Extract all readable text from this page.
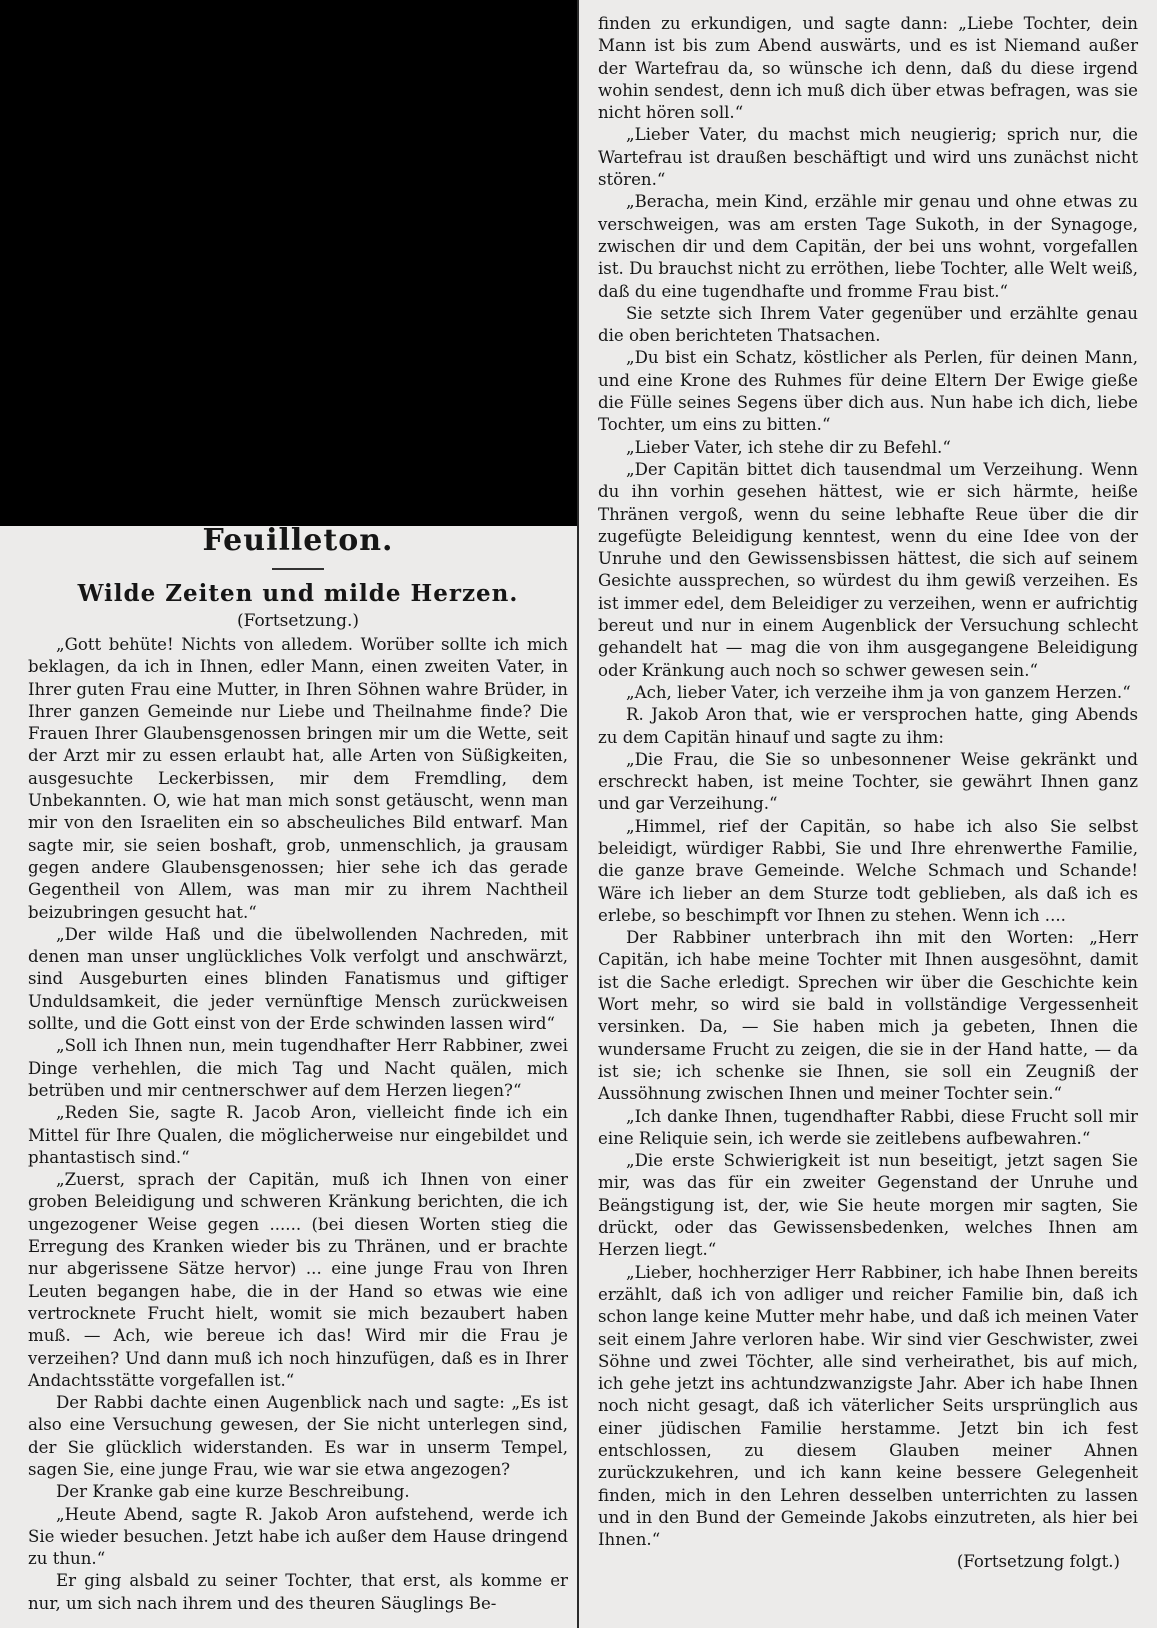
Feuilleton.
Wilde Zeiten und milde Herzen.
(Fortsetzung.)

„Gott behüte! Nichts von alledem. Worüber sollte ich mich beklagen, da ich in Ihnen, edler Mann, einen zweiten Vater, in Ihrer guten Frau eine Mutter, in Ihren Söhnen wahre Brüder, in Ihrer ganzen Gemeinde nur Liebe und Theilnahme finde? Die Frauen Ihrer Glaubensgenossen bringen mir um die Wette, seit der Arzt mir zu essen erlaubt hat, alle Arten von Süßigkeiten, ausgesuchte Leckerbissen, mir dem Fremdling, dem Unbekannten. O, wie hat man mich sonst getäuscht, wenn man mir von den Israeliten ein so abscheuliches Bild entwarf. Man sagte mir, sie seien boshaft, grob, unmenschlich, ja grausam gegen andere Glaubensgenossen; hier sehe ich das gerade Gegentheil von Allem, was man mir zu ihrem Nachtheil beizubringen gesucht hat.“

„Der wilde Haß und die übelwollenden Nachreden, mit denen man unser unglückliches Volk verfolgt und anschwärzt, sind Ausgeburten eines blinden Fanatismus und giftiger Unduldsamkeit, die jeder vernünftige Mensch zurückweisen sollte, und die Gott einst von der Erde schwinden lassen wird“

„Soll ich Ihnen nun, mein tugendhafter Herr Rabbiner, zwei Dinge verhehlen, die mich Tag und Nacht quälen, mich betrüben und mir centnerschwer auf dem Herzen liegen?“

„Reden Sie, sagte R. Jacob Aron, vielleicht finde ich ein Mittel für Ihre Qualen, die möglicherweise nur eingebildet und phantastisch sind.“

„Zuerst, sprach der Capitän, muß ich Ihnen von einer groben Beleidigung und schweren Kränkung berichten, die ich ungezogener Weise gegen ...... (bei diesen Worten stieg die Erregung des Kranken wieder bis zu Thränen, und er brachte nur abgerissene Sätze hervor) ... eine junge Frau von Ihren Leuten begangen habe, die in der Hand so etwas wie eine vertrocknete Frucht hielt, womit sie mich bezaubert haben muß. — Ach, wie bereue ich das! Wird mir die Frau je verzeihen? Und dann muß ich noch hinzufügen, daß es in Ihrer Andachtsstätte vorgefallen ist.“

Der Rabbi dachte einen Augenblick nach und sagte: „Es ist also eine Versuchung gewesen, der Sie nicht unterlegen sind, der Sie glücklich widerstanden. Es war in unserm Tempel, sagen Sie, eine junge Frau, wie war sie etwa angezogen?

Der Kranke gab eine kurze Beschreibung.

„Heute Abend, sagte R. Jakob Aron aufstehend, werde ich Sie wieder besuchen. Jetzt habe ich außer dem Hause dringend zu thun.“

Er ging alsbald zu seiner Tochter, that erst, als komme er nur, um sich nach ihrem und des theuren Säuglings Be-

finden zu erkundigen, und sagte dann: „Liebe Tochter, dein Mann ist bis zum Abend auswärts, und es ist Niemand außer der Wartefrau da, so wünsche ich denn, daß du diese irgend wohin sendest, denn ich muß dich über etwas befragen, was sie nicht hören soll.“

„Lieber Vater, du machst mich neugierig; sprich nur, die Wartefrau ist draußen beschäftigt und wird uns zunächst nicht stören.“

„Beracha, mein Kind, erzähle mir genau und ohne etwas zu verschweigen, was am ersten Tage Sukoth, in der Synagoge, zwischen dir und dem Capitän, der bei uns wohnt, vorgefallen ist. Du brauchst nicht zu erröthen, liebe Tochter, alle Welt weiß, daß du eine tugendhafte und fromme Frau bist.“

Sie setzte sich Ihrem Vater gegenüber und erzählte genau die oben berichteten Thatsachen.

„Du bist ein Schatz, köstlicher als Perlen, für deinen Mann, und eine Krone des Ruhmes für deine Eltern Der Ewige gieße die Fülle seines Segens über dich aus. Nun habe ich dich, liebe Tochter, um eins zu bitten.“

„Lieber Vater, ich stehe dir zu Befehl.“

„Der Capitän bittet dich tausendmal um Verzeihung. Wenn du ihn vorhin gesehen hättest, wie er sich härmte, heiße Thränen vergoß, wenn du seine lebhafte Reue über die dir zugefügte Beleidigung kenntest, wenn du eine Idee von der Unruhe und den Gewissensbissen hättest, die sich auf seinem Gesichte aussprechen, so würdest du ihm gewiß verzeihen. Es ist immer edel, dem Beleidiger zu verzeihen, wenn er aufrichtig bereut und nur in einem Augenblick der Versuchung schlecht gehandelt hat — mag die von ihm ausgegangene Beleidigung oder Kränkung auch noch so schwer gewesen sein.“

„Ach, lieber Vater, ich verzeihe ihm ja von ganzem Herzen.“

R. Jakob Aron that, wie er versprochen hatte, ging Abends zu dem Capitän hinauf und sagte zu ihm:

„Die Frau, die Sie so unbesonnener Weise gekränkt und erschreckt haben, ist meine Tochter, sie gewährt Ihnen ganz und gar Verzeihung.“

„Himmel, rief der Capitän, so habe ich also Sie selbst beleidigt, würdiger Rabbi, Sie und Ihre ehrenwerthe Familie, die ganze brave Gemeinde. Welche Schmach und Schande! Wäre ich lieber an dem Sturze todt geblieben, als daß ich es erlebe, so beschimpft vor Ihnen zu stehen. Wenn ich ....

Der Rabbiner unterbrach ihn mit den Worten: „Herr Capitän, ich habe meine Tochter mit Ihnen ausgesöhnt, damit ist die Sache erledigt. Sprechen wir über die Geschichte kein Wort mehr, so wird sie bald in vollständige Vergessenheit versinken. Da, — Sie haben mich ja gebeten, Ihnen die wundersame Frucht zu zeigen, die sie in der Hand hatte, — da ist sie; ich schenke sie Ihnen, sie soll ein Zeugniß der Aussöhnung zwischen Ihnen und meiner Tochter sein.“

„Ich danke Ihnen, tugendhafter Rabbi, diese Frucht soll mir eine Reliquie sein, ich werde sie zeitlebens aufbewahren.“

„Die erste Schwierigkeit ist nun beseitigt, jetzt sagen Sie mir, was das für ein zweiter Gegenstand der Unruhe und Beängstigung ist, der, wie Sie heute morgen mir sagten, Sie drückt, oder das Gewissensbedenken, welches Ihnen am Herzen liegt.“

„Lieber, hochherziger Herr Rabbiner, ich habe Ihnen bereits erzählt, daß ich von adliger und reicher Familie bin, daß ich schon lange keine Mutter mehr habe, und daß ich meinen Vater seit einem Jahre verloren habe. Wir sind vier Geschwister, zwei Söhne und zwei Töchter, alle sind verheirathet, bis auf mich, ich gehe jetzt ins achtundzwanzigste Jahr. Aber ich habe Ihnen noch nicht gesagt, daß ich väterlicher Seits ursprünglich aus einer jüdischen Familie herstamme. Jetzt bin ich fest entschlossen, zu diesem Glauben meiner Ahnen zurückzukehren, und ich kann keine bessere Gelegenheit finden, mich in den Lehren desselben unterrichten zu lassen und in den Bund der Gemeinde Jakobs einzutreten, als hier bei Ihnen.“

(Fortsetzung folgt.)
